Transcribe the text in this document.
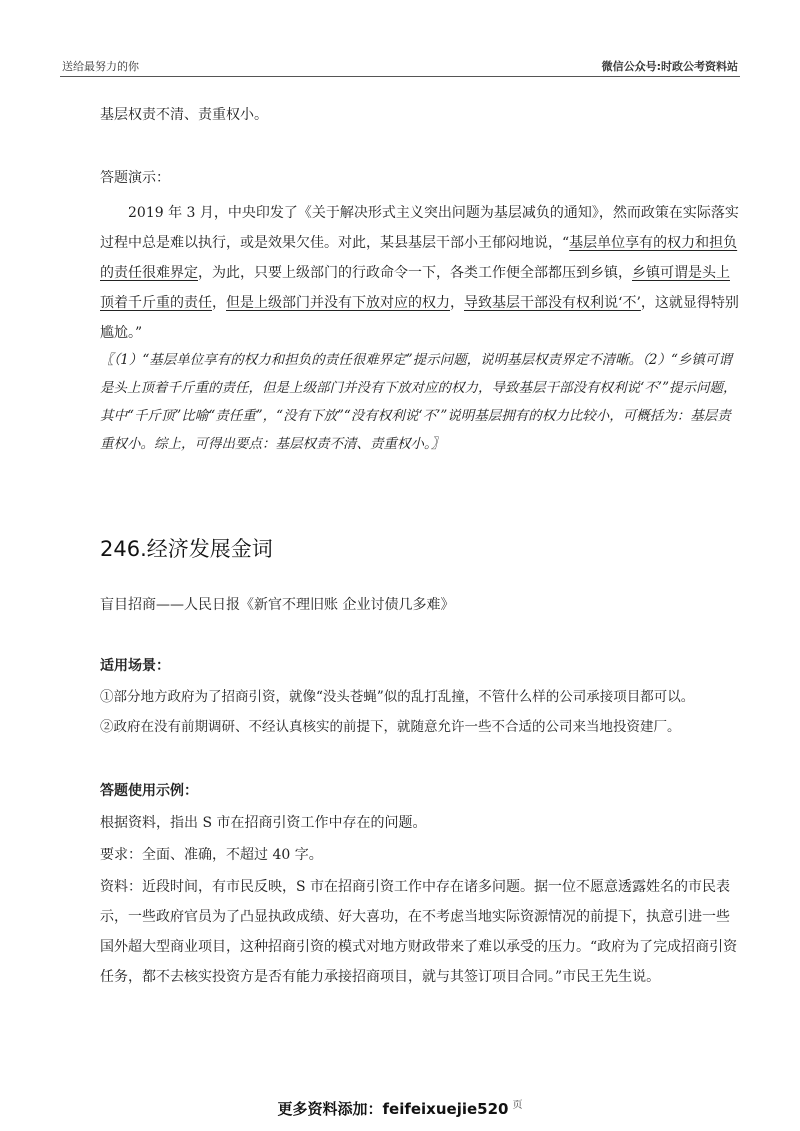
送给最努力的你	微信公众号:时政公考资料站

基层权责不清、责重权小。

答题演示：

2019 年 3 月，中央印发了《关于解决形式主义突出问题为基层减负的通知》，然而政策在实际落实过程中总是难以执行，或是效果欠佳。对此，某县基层干部小王郁闷地说，“基层单位享有的权力和担负的责任很难界定，为此，只要上级部门的行政命令一下，各类工作便全部都压到乡镇，乡镇可谓是头上顶着千斤重的责任，但是上级部门并没有下放对应的权力，导致基层干部没有权利说‘不’，这就显得特别尴尬。”

〖（1）“基层单位享有的权力和担负的责任很难界定”提示问题，说明基层权责界定不清晰。（2）“乡镇可谓是头上顶着千斤重的责任，但是上级部门并没有下放对应的权力，导致基层干部没有权利说‘不’”提示问题，其中“千斤顶”比喻“责任重”，“没有下放”“没有权利说‘不’”说明基层拥有的权力比较小，可概括为：基层责重权小。综上，可得出要点：基层权责不清、责重权小。〗

246.经济发展金词

盲目招商——人民日报《新官不理旧账 企业讨债几多难》

适用场景：

①部分地方政府为了招商引资，就像“没头苍蝇”似的乱打乱撞，不管什么样的公司承接项目都可以。

②政府在没有前期调研、不经认真核实的前提下，就随意允许一些不合适的公司来当地投资建厂。

答题使用示例：

根据资料，指出 S 市在招商引资工作中存在的问题。

要求：全面、准确，不超过 40 字。

资料：近段时间，有市民反映，S 市在招商引资工作中存在诸多问题。据一位不愿意透露姓名的市民表示，一些政府官员为了凸显执政成绩、好大喜功，在不考虑当地实际资源情况的前提下，执意引进一些国外超大型商业项目，这种招商引资的模式对地方财政带来了难以承受的压力。“政府为了完成招商引资任务，都不去核实投资方是否有能力承接招商项目，就与其签订项目合同。”市民王先生说。

更多资料添加：feifeixuejie520 $^页$
